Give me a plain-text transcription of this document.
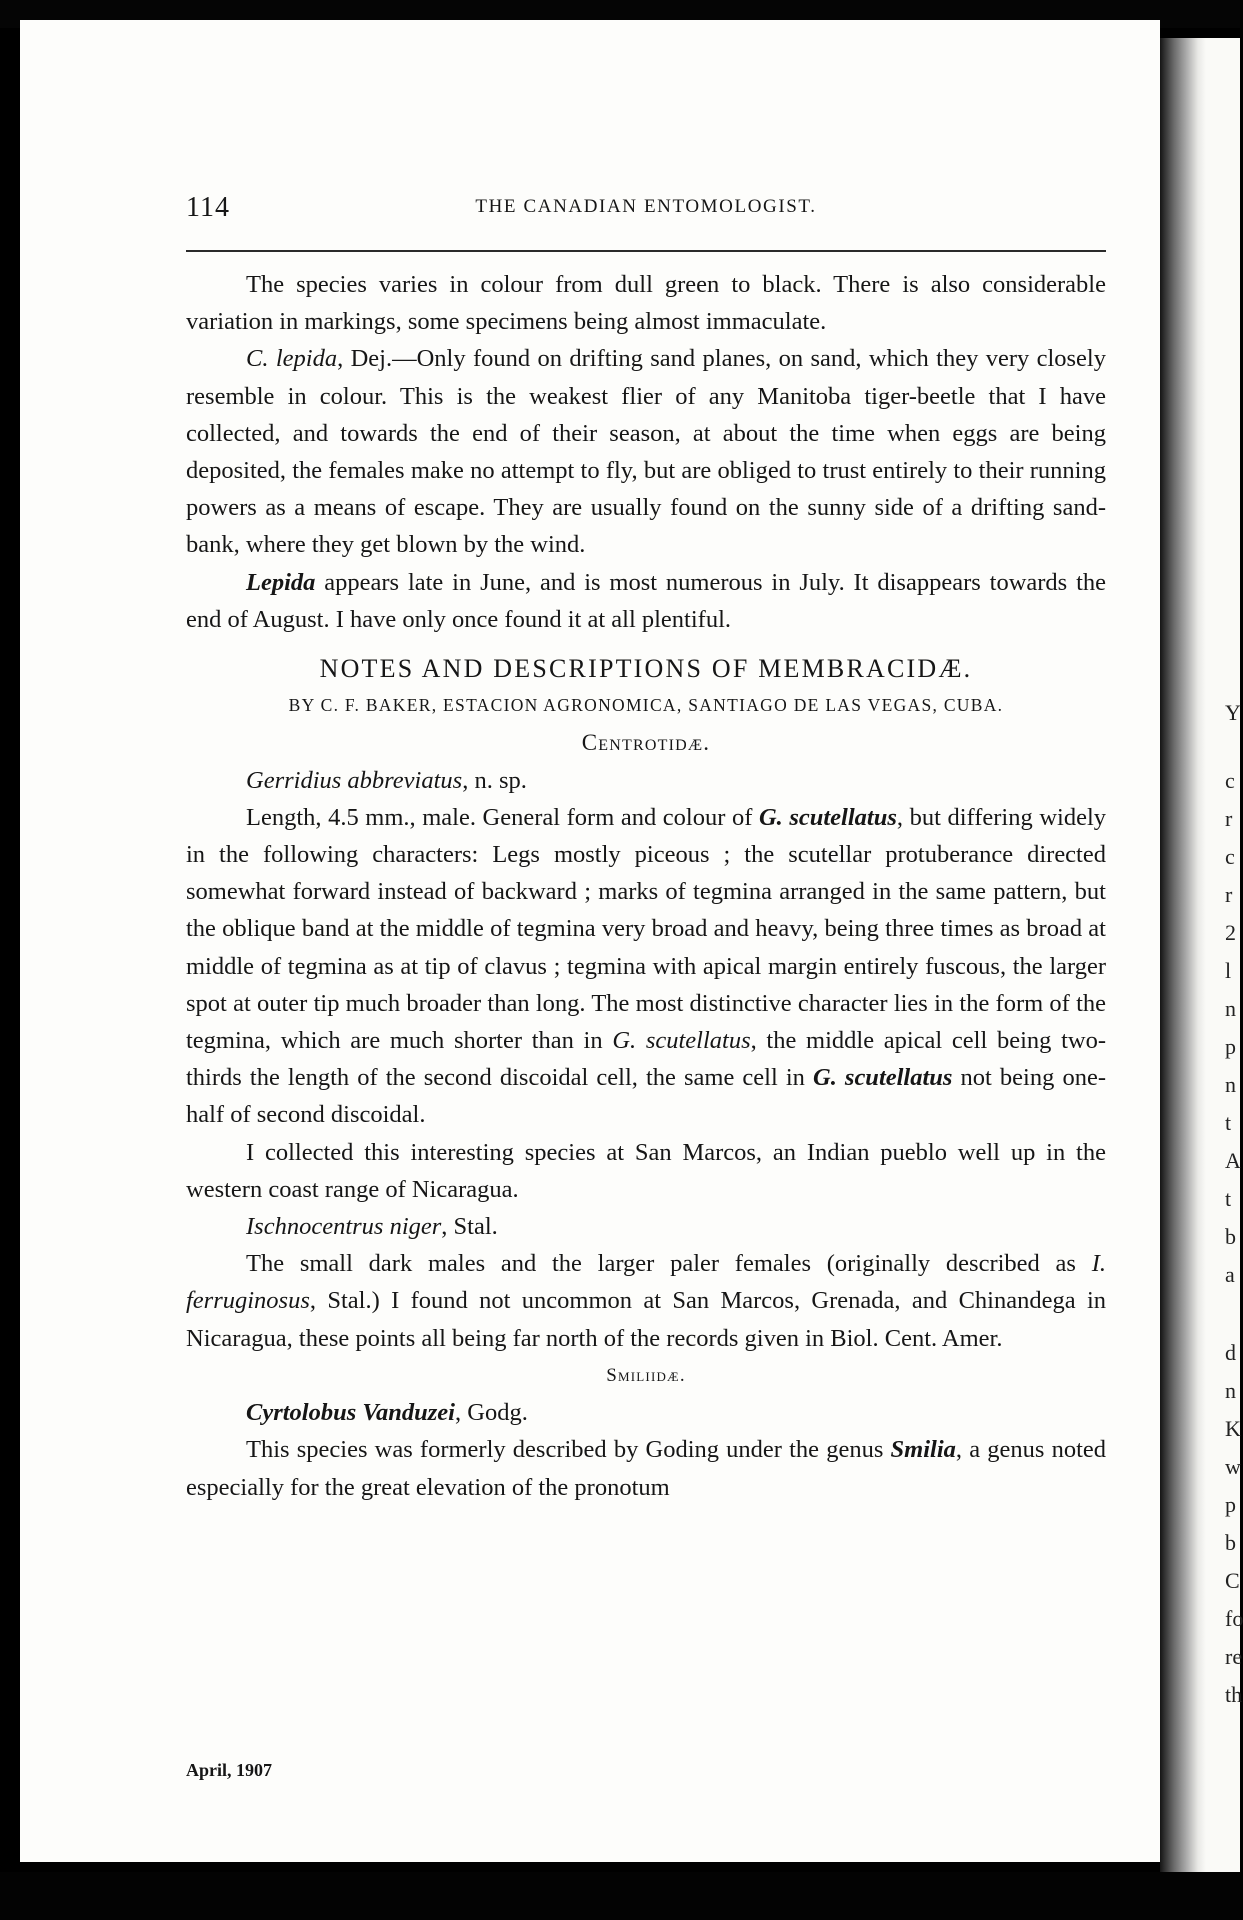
Y
c
r
c
r
2
l
n
p
n
t
A
t
b
a
d
n
K
w
p
b
C
fo
re
th
114	THE CANADIAN ENTOMOLOGIST.

The species varies in colour from dull green to black. There is also considerable variation in markings, some specimens being almost immaculate.

C. lepida, Dej.—Only found on drifting sand planes, on sand, which they very closely resemble in colour. This is the weakest flier of any Manitoba tiger-beetle that I have collected, and towards the end of their season, at about the time when eggs are being deposited, the females make no attempt to fly, but are obliged to trust entirely to their running powers as a means of escape. They are usually found on the sunny side of a drifting sand-bank, where they get blown by the wind.

Lepida appears late in June, and is most numerous in July. It disappears towards the end of August. I have only once found it at all plentiful.

NOTES AND DESCRIPTIONS OF MEMBRACIDÆ.

BY C. F. BAKER, ESTACION AGRONOMICA, SANTIAGO DE LAS VEGAS, CUBA.

Centrotidæ.

Gerridius abbreviatus, n. sp.

Length, 4.5 mm., male. General form and colour of G. scutellatus, but differing widely in the following characters: Legs mostly piceous ; the scutellar protuberance directed somewhat forward instead of backward ; marks of tegmina arranged in the same pattern, but the oblique band at the middle of tegmina very broad and heavy, being three times as broad at middle of tegmina as at tip of clavus ; tegmina with apical margin entirely fuscous, the larger spot at outer tip much broader than long. The most distinctive character lies in the form of the tegmina, which are much shorter than in G. scutellatus, the middle apical cell being two-thirds the length of the second discoidal cell, the same cell in G. scutellatus not being one-half of second discoidal.

I collected this interesting species at San Marcos, an Indian pueblo well up in the western coast range of Nicaragua.

Ischnocentrus niger, Stal.

The small dark males and the larger paler females (originally described as I. ferruginosus, Stal.) I found not uncommon at San Marcos, Grenada, and Chinandega in Nicaragua, these points all being far north of the records given in Biol. Cent. Amer.

Smiliidæ.

Cyrtolobus Vanduzei, Godg.

This species was formerly described by Goding under the genus Smilia, a genus noted especially for the great elevation of the pronotum

April, 1907
